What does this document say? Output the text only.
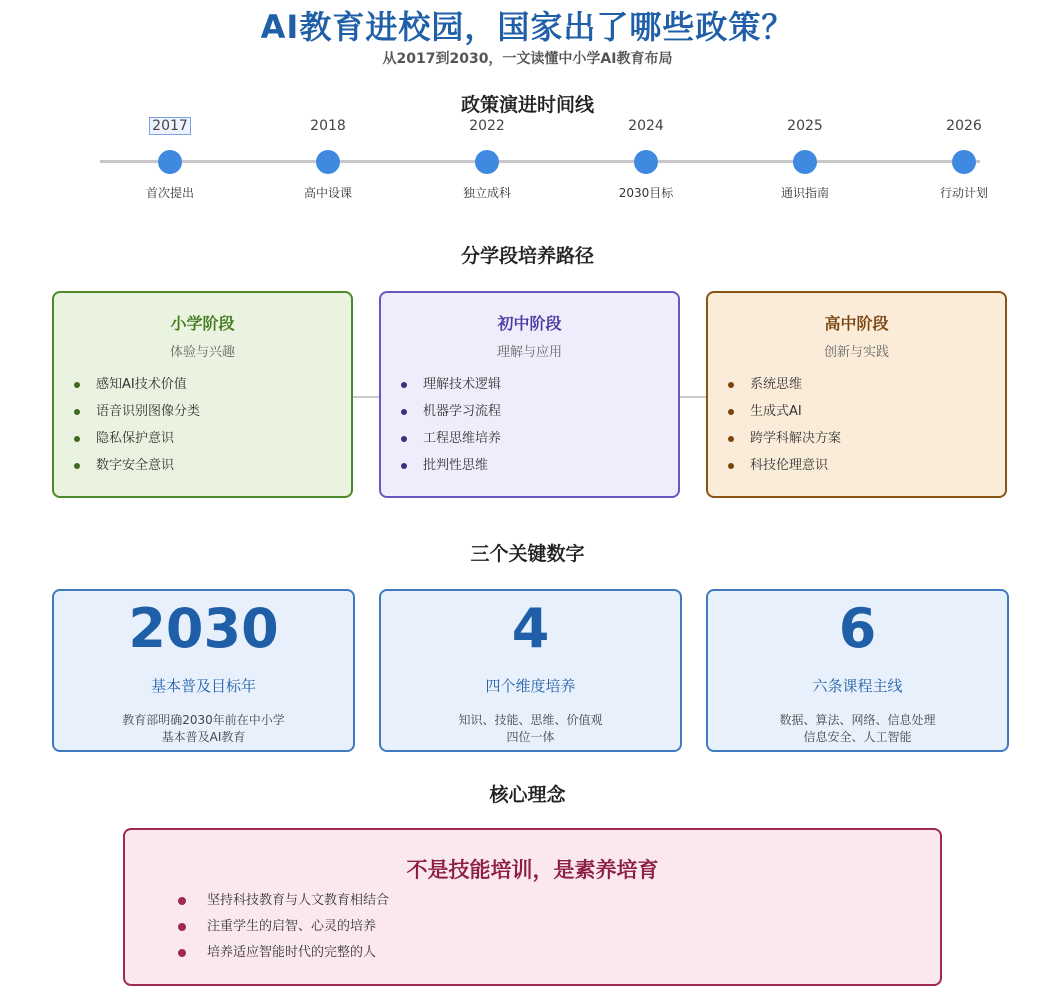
AI教育进校园，国家出了哪些政策？
从2017到2030，一文读懂中小学AI教育布局
政策演进时间线
2017
首次提出
2018
高中设课
2022
独立成科
2024
2030目标
2025
通识指南
2026
行动计划
分学段培养路径
小学阶段
体验与兴趣
感知AI技术价值
语音识别图像分类
隐私保护意识
数字安全意识
初中阶段
理解与应用
理解技术逻辑
机器学习流程
工程思维培养
批判性思维
高中阶段
创新与实践
系统思维
生成式AI
跨学科解决方案
科技伦理意识
三个关键数字
2030
基本普及目标年
教育部明确2030年前在中小学
基本普及AI教育
4
四个维度培养
知识、技能、思维、价值观
四位一体
6
六条课程主线
数据、算法、网络、信息处理
信息安全、人工智能
核心理念
不是技能培训，是素养培育
坚持科技教育与人文教育相结合
注重学生的启智、心灵的培养
培养适应智能时代的完整的人
